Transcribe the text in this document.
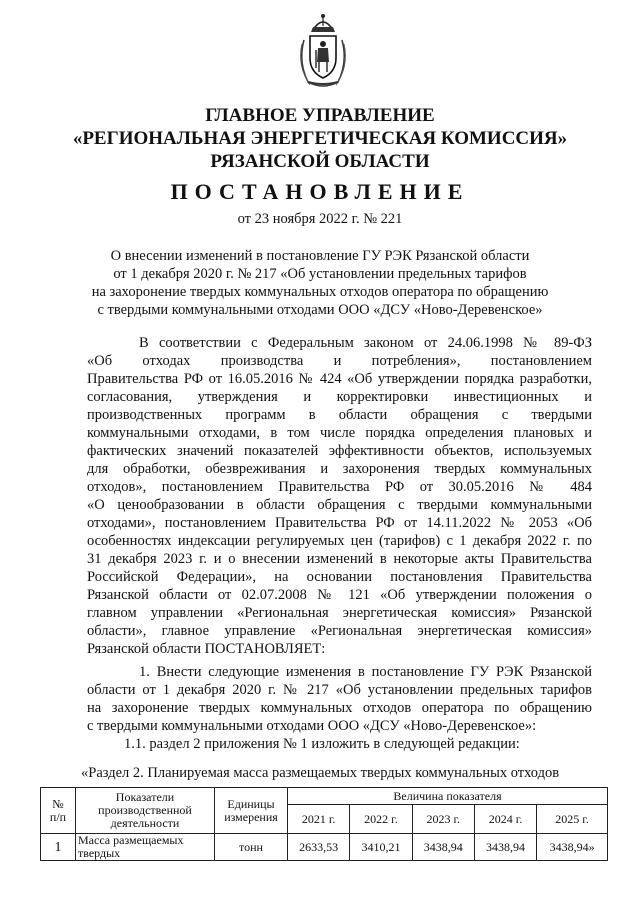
ГЛАВНОЕ УПРАВЛЕНИЕ
«РЕГИОНАЛЬНАЯ ЭНЕРГЕТИЧЕСКАЯ КОМИССИЯ»
РЯЗАНСКОЙ ОБЛАСТИ
ПОСТАНОВЛЕНИЕ
от 23 ноября 2022 г. № 221
О внесении изменений в постановление ГУ РЭК Рязанской области
от 1 декабря 2020 г. № 217 «Об установлении предельных тарифов
на захоронение твердых коммунальных отходов оператора по обращению
с твердыми коммунальными отходами ООО «ДСУ «Ново-Деревенское»
В соответствии с Федеральным законом от 24.06.1998 № 89-ФЗ
«Об отходах производства и потребления», постановлением
Правительства РФ от 16.05.2016 № 424 «Об утверждении порядка разработки,
согласования, утверждения и корректировки инвестиционных и
производственных программ в области обращения с твердыми
коммунальными отходами, в том числе порядка определения плановых и
фактических значений показателей эффективности объектов, используемых
для обработки, обезвреживания и захоронения твердых коммунальных
отходов», постановлением Правительства РФ от 30.05.2016 № 484
«О ценообразовании в области обращения с твердыми коммунальными
отходами», постановлением Правительства РФ от 14.11.2022 № 2053 «Об
особенностях индексации регулируемых цен (тарифов) с 1 декабря 2022 г. по
31 декабря 2023 г. и о внесении изменений в некоторые акты Правительства
Российской Федерации», на основании постановления Правительства
Рязанской области от 02.07.2008 № 121 «Об утверждении положения о
главном управлении «Региональная энергетическая комиссия» Рязанской
области», главное управление «Региональная энергетическая комиссия»
Рязанской области ПОСТАНОВЛЯЕТ:
1. Внести следующие изменения в постановление ГУ РЭК Рязанской
области от 1 декабря 2020 г. № 217 «Об установлении предельных тарифов
на захоронение твердых коммунальных отходов оператора по обращению
с твердыми коммунальными отходами ООО «ДСУ «Ново-Деревенское»:
1.1. раздел 2 приложения № 1 изложить в следующей редакции:
«Раздел 2. Планируемая масса размещаемых твердых коммунальных отходов
№
п/п	Показатели производственной деятельности	Единицы измерения	Величина показателя				
			2021 г.	2022 г.	2023 г.	2024 г.	2025 г.
1	Масса размещаемых твердых	тонн	2633,53	3410,21	3438,94	3438,94	3438,94»
